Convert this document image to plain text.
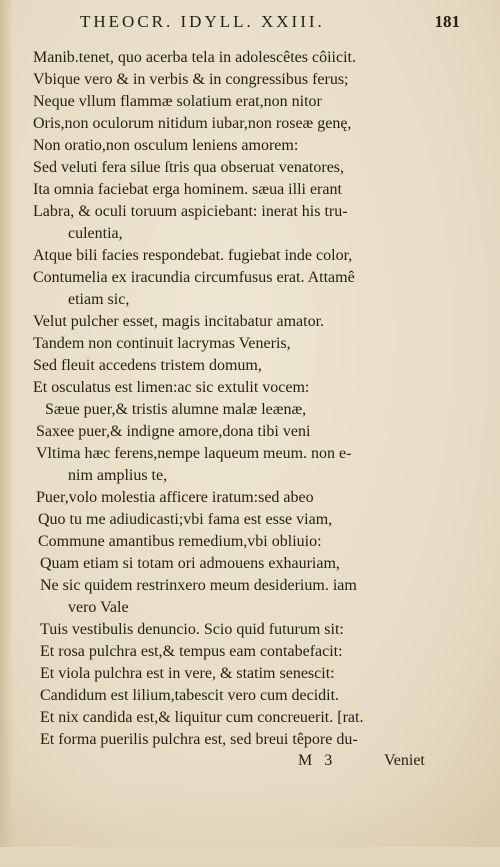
THEOCR. IDYLL. XXIII.	181
Manib.tenet, quo acerba tela in adolescêtes côiicit.
Vbique vero & in verbis & in congressibus ferus;
Neque vllum flammæ solatium erat,non nitor
Oris,non oculorum nitidum iubar,non roseæ genę,
Non oratio,non osculum leniens amorem:
Sed veluti fera silue ſtris qua obseruat venatores,
Ita omnia faciebat erga hominem. sæua illi erant
Labra, & oculi toruum aspiciebant: inerat his tru-
culentia,
Atque bili facies respondebat. fugiebat inde color,
Contumelia ex iracundia circumfusus erat. Attamê
etiam sic,
Velut pulcher esset, magis incitabatur amator.
Tandem non continuit lacrymas Veneris,
Sed fleuit accedens tristem domum,
Et osculatus est limen:ac sic extulit vocem:
Sæue puer,& tristis alumne malæ leænæ,
Saxee puer,& indigne amore,dona tibi veni
Vltima hæc ferens,nempe laqueum meum. non e-
nim amplius te,
Puer,volo molestia afficere iratum:sed abeo
Quo tu me adiudicasti;vbi fama est esse viam,
Commune amantibus remedium,vbi obliuio:
Quam etiam si totam ori admouens exhauriam,
Ne sic quidem restrinxero meum desiderium. iam
vero Vale
Tuis vestibulis denuncio. Scio quid futurum sit:
Et rosa pulchra est,& tempus eam contabefacit:
Et viola pulchra est in vere, & statim senescit:
Candidum est lilium,tabescit vero cum decidit.
Et nix candida est,& liquitur cum concreuerit. [rat.
Et forma puerilis pulchra est, sed breui têpore du-
M 3	Veniet
